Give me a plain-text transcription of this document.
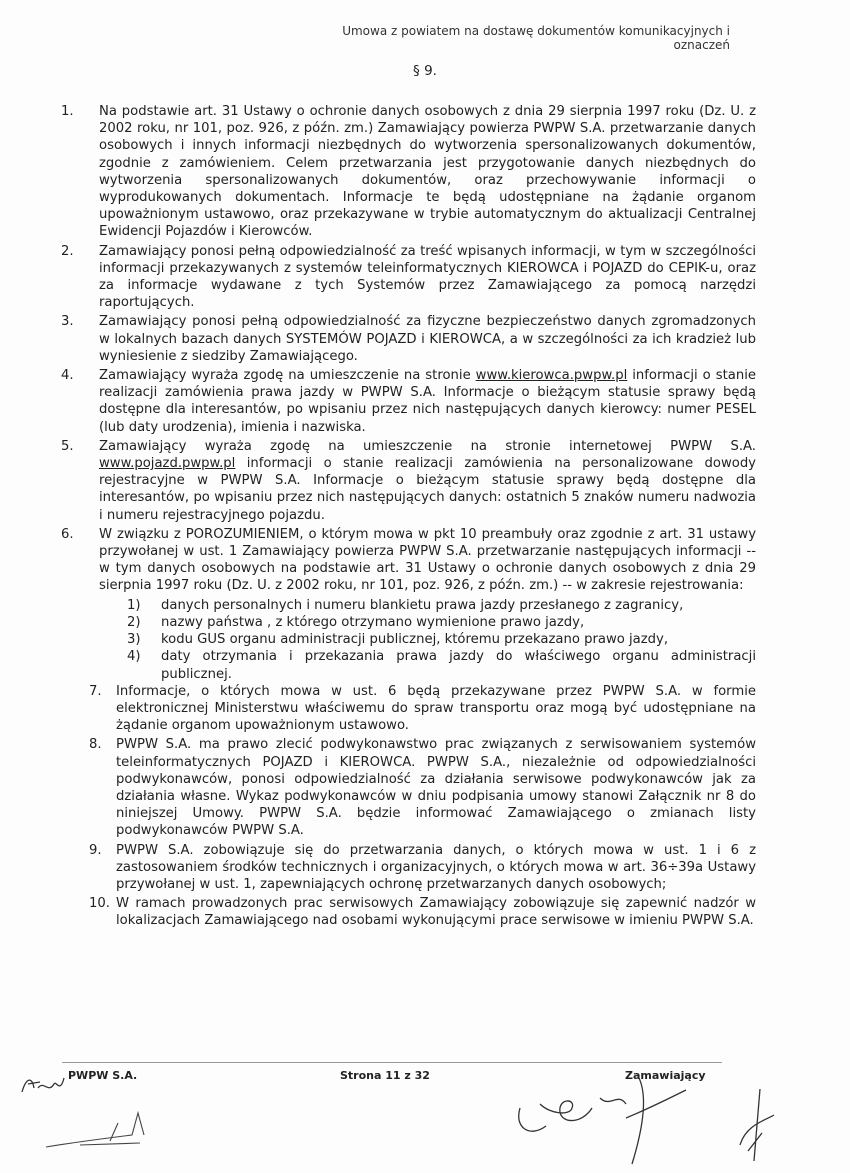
Umowa z powiatem na dostawę dokumentów komunikacyjnych i oznaczeń
§ 9.
1. Na podstawie art. 31 Ustawy o ochronie danych osobowych z dnia 29 sierpnia 1997 roku (Dz. U. z 2002 roku, nr 101, poz. 926, z późn. zm.) Zamawiający powierza PWPW S.A. przetwarzanie danych osobowych i innych informacji niezbędnych do wytworzenia spersonalizowanych dokumentów, zgodnie z zamówieniem. Celem przetwarzania jest przygotowanie danych niezbędnych do wytworzenia spersonalizowanych dokumentów, oraz przechowywanie informacji o wyprodukowanych dokumentach. Informacje te będą udostępniane na żądanie organom upoważnionym ustawowo, oraz przekazywane w trybie automatycznym do aktualizacji Centralnej Ewidencji Pojazdów i Kierowców.
2. Zamawiający ponosi pełną odpowiedzialność za treść wpisanych informacji, w tym w szczególności informacji przekazywanych z systemów teleinformatycznych KIEROWCA i POJAZD do CEPIK-u, oraz za informacje wydawane z tych Systemów przez Zamawiającego za pomocą narzędzi raportujących.
3. Zamawiający ponosi pełną odpowiedzialność za fizyczne bezpieczeństwo danych zgromadzonych w lokalnych bazach danych SYSTEMÓW POJAZD i KIEROWCA, a w szczególności za ich kradzież lub wyniesienie z siedziby Zamawiającego.
4. Zamawiający wyraża zgodę na umieszczenie na stronie www.kierowca.pwpw.pl informacji o stanie realizacji zamówienia prawa jazdy w PWPW S.A. Informacje o bieżącym statusie sprawy będą dostępne dla interesantów, po wpisaniu przez nich następujących danych kierowcy: numer PESEL (lub daty urodzenia), imienia i nazwiska.
5. Zamawiający wyraża zgodę na umieszczenie na stronie internetowej PWPW S.A. www.pojazd.pwpw.pl informacji o stanie realizacji zamówienia na personalizowane dowody rejestracyjne w PWPW S.A. Informacje o bieżącym statusie sprawy będą dostępne dla interesantów, po wpisaniu przez nich następujących danych: ostatnich 5 znaków numeru nadwozia i numeru rejestracyjnego pojazdu.
6. W związku z POROZUMIENIEM, o którym mowa w pkt 10 preambuły oraz zgodnie z art. 31 ustawy przywołanej w ust. 1 Zamawiający powierza PWPW S.A. przetwarzanie następujących informacji -- w tym danych osobowych na podstawie art. 31 Ustawy o ochronie danych osobowych z dnia 29 sierpnia 1997 roku (Dz. U. z 2002 roku, nr 101, poz. 926, z późn. zm.) -- w zakresie rejestrowania:
1) danych personalnych i numeru blankietu prawa jazdy przesłanego z zagranicy,
2) nazwy państwa , z którego otrzymano wymienione prawo jazdy,
3) kodu GUS organu administracji publicznej, któremu przekazano prawo jazdy,
4) daty otrzymania i przekazania prawa jazdy do właściwego organu administracji publicznej.
7. Informacje, o których mowa w ust. 6 będą przekazywane przez PWPW S.A. w formie elektronicznej Ministerstwu właściwemu do spraw transportu oraz mogą być udostępniane na żądanie organom upoważnionym ustawowo.
8. PWPW S.A. ma prawo zlecić podwykonawstwo prac związanych z serwisowaniem systemów teleinformatycznych POJAZD i KIEROWCA. PWPW S.A., niezależnie od odpowiedzialności podwykonawców, ponosi odpowiedzialność za działania serwisowe podwykonawców jak za działania własne. Wykaz podwykonawców w dniu podpisania umowy stanowi Załącznik nr 8 do niniejszej Umowy. PWPW S.A. będzie informować Zamawiającego o zmianach listy podwykonawców PWPW S.A.
9. PWPW S.A. zobowiązuje się do przetwarzania danych, o których mowa w ust. 1 i 6 z zastosowaniem środków technicznych i organizacyjnych, o których mowa w art. 36÷39a Ustawy przywołanej w ust. 1, zapewniających ochronę przetwarzanych danych osobowych;
10. W ramach prowadzonych prac serwisowych Zamawiający zobowiązuje się zapewnić nadzór w lokalizacjach Zamawiającego nad osobami wykonującymi prace serwisowe w imieniu PWPW S.A.
PWPW S.A.	Strona 11 z 32	Zamawiający
